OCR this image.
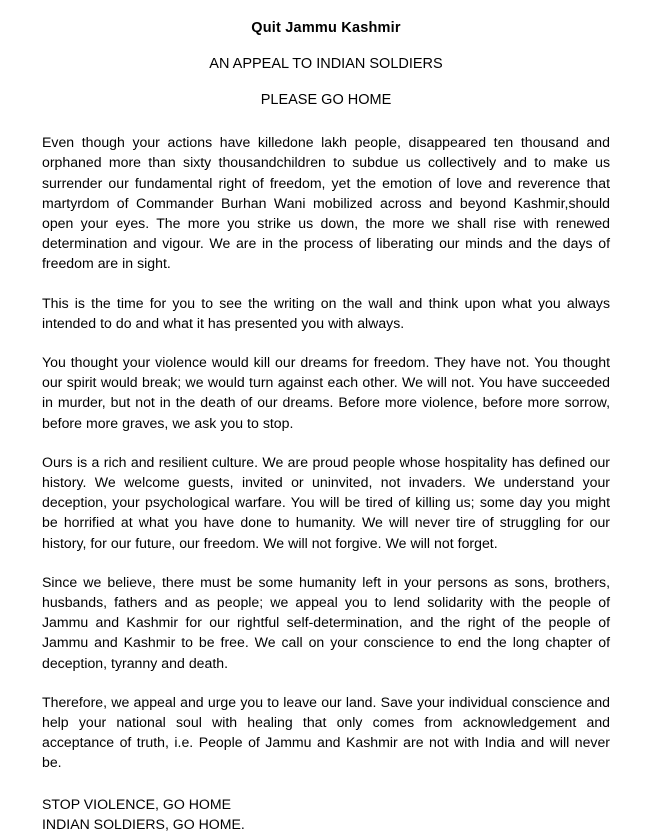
Quit Jammu Kashmir
AN APPEAL TO INDIAN SOLDIERS
PLEASE GO HOME

Even though your actions have killedone lakh people, disappeared ten thousand and orphaned more than sixty thousandchildren to subdue us collectively and to make us surrender our fundamental right of freedom, yet the emotion of love and reverence that martyrdom of Commander Burhan Wani mobilized across and beyond Kashmir,should open your eyes. The more you strike us down, the more we shall rise with renewed determination and vigour. We are in the process of liberating our minds and the days of freedom are in sight.

This is the time for you to see the writing on the wall and think upon what you always intended to do and what it has presented you with always.

You thought your violence would kill our dreams for freedom. They have not. You thought our spirit would break; we would turn against each other. We will not. You have succeeded in murder, but not in the death of our dreams. Before more violence, before more sorrow, before more graves, we ask you to stop.

Ours is a rich and resilient culture. We are proud people whose hospitality has defined our history. We welcome guests, invited or uninvited, not invaders. We understand your deception, your psychological warfare. You will be tired of killing us; some day you might be horrified at what you have done to humanity. We will never tire of struggling for our history, for our future, our freedom. We will not forgive. We will not forget.

Since we believe, there must be some humanity left in your persons as sons, brothers, husbands, fathers and as people; we appeal you to lend solidarity with the people of Jammu and Kashmir for our rightful self-determination, and the right of the people of Jammu and Kashmir to be free. We call on your conscience to end the long chapter of deception, tyranny and death.

Therefore, we appeal and urge you to leave our land. Save your individual conscience and help your national soul with healing that only comes from acknowledgement and acceptance of truth, i.e. People of Jammu and Kashmir are not with India and will never be.

STOP VIOLENCE, GO HOME

INDIAN SOLDIERS, GO HOME.
